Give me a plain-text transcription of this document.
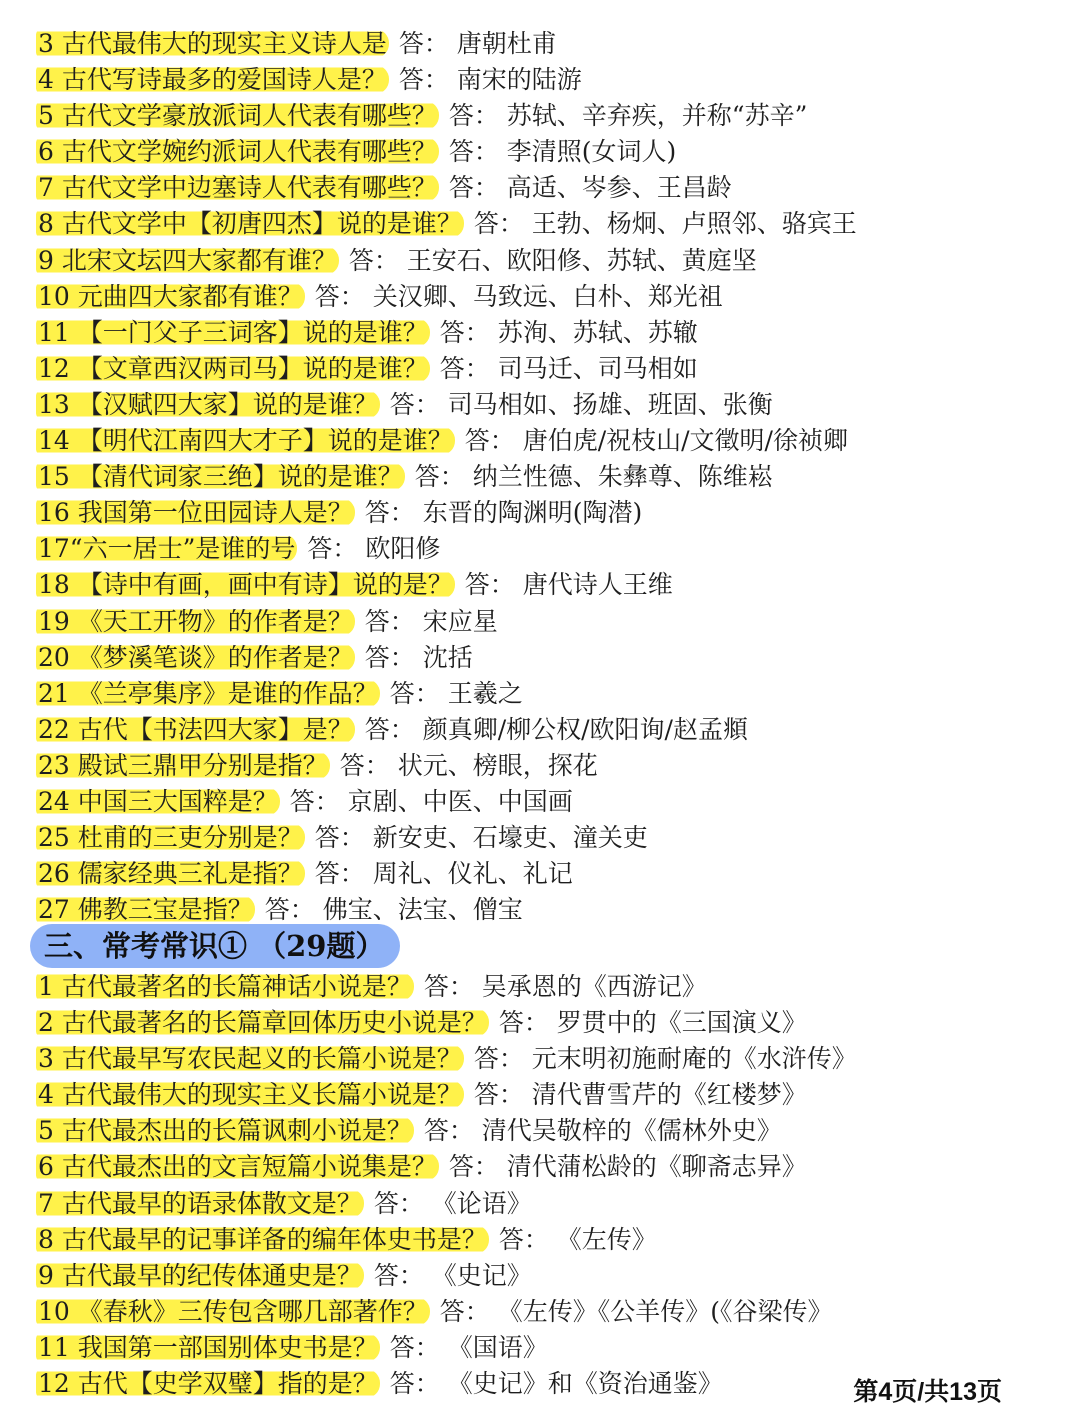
3 古代最伟大的现实主义诗人是 答： 唐朝杜甫
4 古代写诗最多的爱国诗人是？ 答： 南宋的陆游
5 古代文学豪放派词人代表有哪些？ 答： 苏轼、辛弃疾，并称“苏辛”
6 古代文学婉约派词人代表有哪些？ 答： 李清照(女词人)
7 古代文学中边塞诗人代表有哪些？ 答： 高适、岑参、王昌龄
8 古代文学中【初唐四杰】说的是谁？ 答： 王勃、杨炯、卢照邻、骆宾王
9 北宋文坛四大家都有谁？ 答： 王安石、欧阳修、苏轼、黄庭坚
10 元曲四大家都有谁？ 答： 关汉卿、马致远、白朴、郑光祖
11 【一门父子三词客】说的是谁？ 答： 苏洵、苏轼、苏辙
12 【文章西汉两司马】说的是谁？ 答： 司马迁、司马相如
13 【汉赋四大家】说的是谁？ 答： 司马相如、扬雄、班固、张衡
14 【明代江南四大才子】说的是谁？ 答： 唐伯虎/祝枝山/文徵明/徐祯卿
15 【清代词家三绝】说的是谁？ 答： 纳兰性德、朱彝尊、陈维崧
16 我国第一位田园诗人是？ 答： 东晋的陶渊明(陶潜)
17“六一居士”是谁的号 答： 欧阳修
18 【诗中有画，画中有诗】说的是？ 答： 唐代诗人王维
19 《天工开物》的作者是？ 答： 宋应星
20 《梦溪笔谈》的作者是？ 答： 沈括
21 《兰亭集序》是谁的作品？ 答： 王羲之
22 古代【书法四大家】是？ 答： 颜真卿/柳公权/欧阳询/赵孟頫
23 殿试三鼎甲分别是指？ 答： 状元、榜眼，探花
24 中国三大国粹是？ 答： 京剧、中医、中国画
25 杜甫的三吏分别是？ 答： 新安吏、石壕吏、潼关吏
26 儒家经典三礼是指？ 答： 周礼、仪礼、礼记
27 佛教三宝是指？ 答： 佛宝、法宝、僧宝
三、常考常识① （29题）
1 古代最著名的长篇神话小说是？ 答： 吴承恩的《西游记》
2 古代最著名的长篇章回体历史小说是？ 答： 罗贯中的《三国演义》
3 古代最早写农民起义的长篇小说是？ 答： 元末明初施耐庵的《水浒传》
4 古代最伟大的现实主义长篇小说是？ 答： 清代曹雪芹的《红楼梦》
5 古代最杰出的长篇讽刺小说是？ 答： 清代吴敬梓的《儒林外史》
6 古代最杰出的文言短篇小说集是？ 答： 清代蒲松龄的《聊斋志异》
7 古代最早的语录体散文是？ 答： 《论语》
8 古代最早的记事详备的编年体史书是？ 答： 《左传》
9 古代最早的纪传体通史是？ 答： 《史记》
10 《春秋》三传包含哪几部著作？ 答： 《左传》《公羊传》(《谷梁传》
11 我国第一部国别体史书是？ 答： 《国语》
12 古代【史学双璧】指的是？ 答： 《史记》和《资治通鉴》	第4页/共13页
